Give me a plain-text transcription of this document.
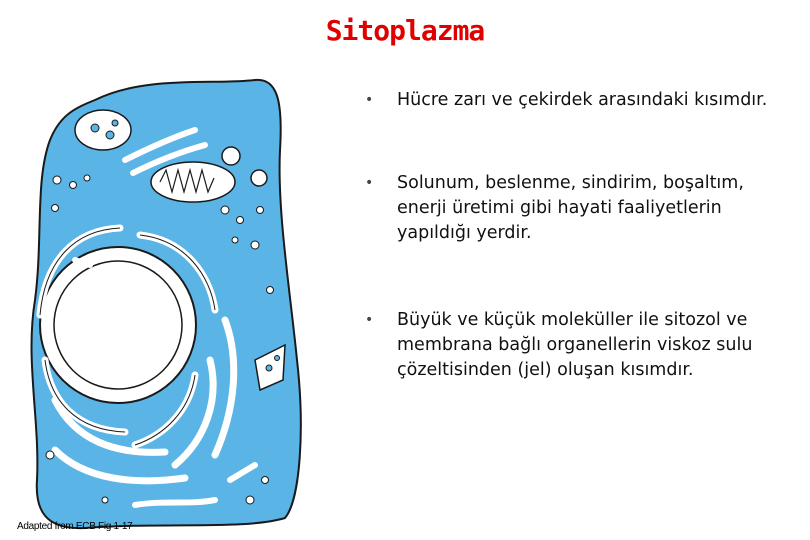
Sitoplazma
Adapted from ECB Fig 1-17
• Hücre zarı ve çekirdek arasındaki kısımdır.
• Solunum, beslenme, sindirim, boşaltım, enerji üretimi gibi hayati faaliyetlerin yapıldığı yerdir.
• Büyük ve küçük moleküller ile sitozol ve membrana bağlı organellerin viskoz sulu çözeltisinden (jel) oluşan kısımdır.
